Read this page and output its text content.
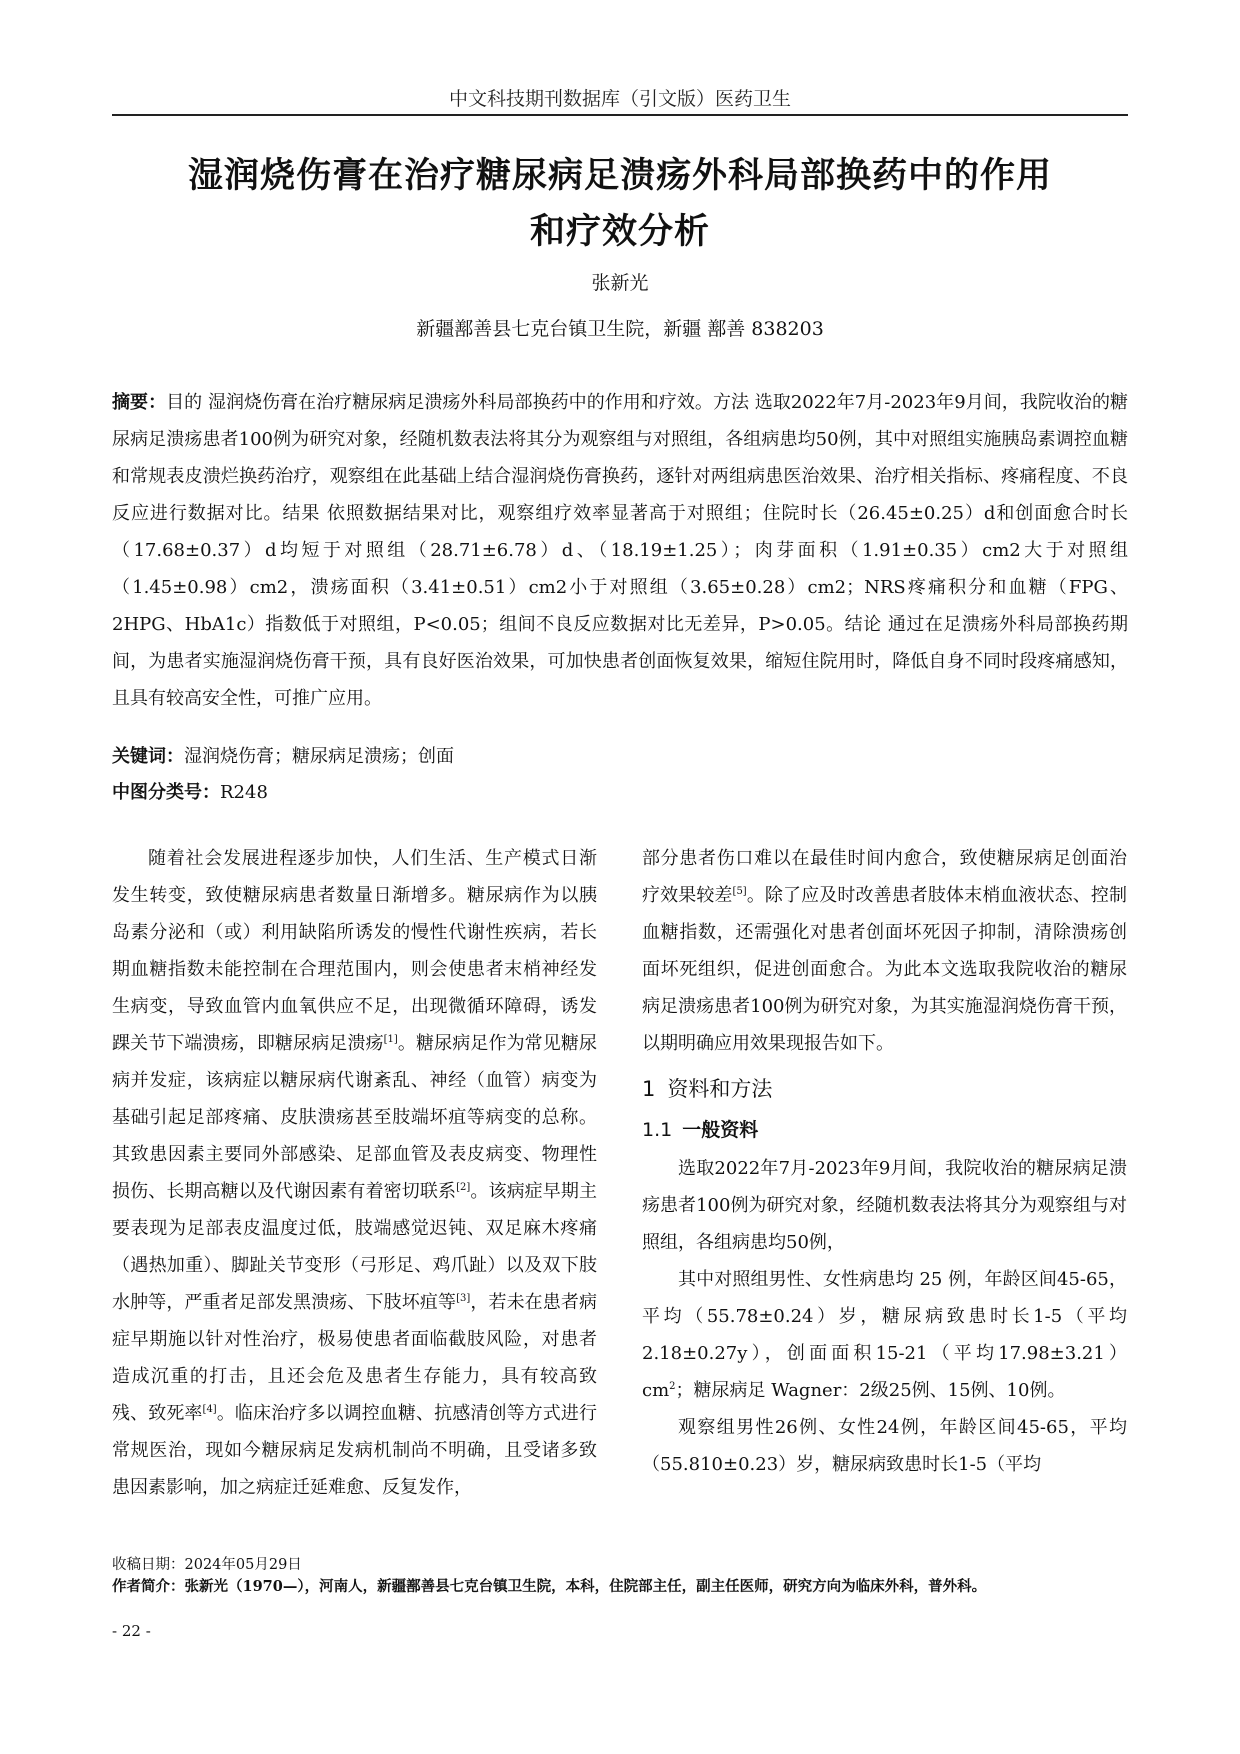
中文科技期刊数据库（引文版）医药卫生
湿润烧伤膏在治疗糖尿病足溃疡外科局部换药中的作用
和疗效分析
张新光
新疆鄯善县七克台镇卫生院，新疆 鄯善 838203
摘要：目的 湿润烧伤膏在治疗糖尿病足溃疡外科局部换药中的作用和疗效。方法 选取2022年7月-2023年9月间，我院收治的糖尿病足溃疡患者100例为研究对象，经随机数表法将其分为观察组与对照组，各组病患均50例，其中对照组实施胰岛素调控血糖和常规表皮溃烂换药治疗，观察组在此基础上结合湿润烧伤膏换药，逐针对两组病患医治效果、治疗相关指标、疼痛程度、不良反应进行数据对比。结果 依照数据结果对比，观察组疗效率显著高于对照组；住院时长（26.45±0.25）d和创面愈合时长（17.68±0.37）d均短于对照组（28.71±6.78）d、（18.19±1.25）；肉芽面积（1.91±0.35）cm2大于对照组（1.45±0.98）cm2，溃疡面积（3.41±0.51）cm2小于对照组（3.65±0.28）cm2；NRS疼痛积分和血糖（FPG、2HPG、HbA1c）指数低于对照组，P<0.05；组间不良反应数据对比无差异，P>0.05。结论 通过在足溃疡外科局部换药期间，为患者实施湿润烧伤膏干预，具有良好医治效果，可加快患者创面恢复效果，缩短住院用时，降低自身不同时段疼痛感知，且具有较高安全性，可推广应用。
关键词：湿润烧伤膏；糖尿病足溃疡；创面
中图分类号：R248

随着社会发展进程逐步加快，人们生活、生产模式日渐发生转变，致使糖尿病患者数量日渐增多。糖尿病作为以胰岛素分泌和（或）利用缺陷所诱发的慢性代谢性疾病，若长期血糖指数未能控制在合理范围内，则会使患者末梢神经发生病变，导致血管内血氧供应不足，出现微循环障碍，诱发踝关节下端溃疡，即糖尿病足溃疡[1]。糖尿病足作为常见糖尿病并发症，该病症以糖尿病代谢紊乱、神经（血管）病变为基础引起足部疼痛、皮肤溃疡甚至肢端坏疽等病变的总称。其致患因素主要同外部感染、足部血管及表皮病变、物理性损伤、长期高糖以及代谢因素有着密切联系[2]。该病症早期主要表现为足部表皮温度过低，肢端感觉迟钝、双足麻木疼痛（遇热加重）、脚趾关节变形（弓形足、鸡爪趾）以及双下肢水肿等，严重者足部发黑溃疡、下肢坏疽等[3]，若未在患者病症早期施以针对性治疗，极易使患者面临截肢风险，对患者造成沉重的打击，且还会危及患者生存能力，具有较高致残、致死率[4]。临床治疗多以调控血糖、抗感清创等方式进行常规医治，现如今糖尿病足发病机制尚不明确，且受诸多致患因素影响，加之病症迁延难愈、反复发作，

部分患者伤口难以在最佳时间内愈合，致使糖尿病足创面治疗效果较差[5]。除了应及时改善患者肢体末梢血液状态、控制血糖指数，还需强化对患者创面坏死因子抑制，清除溃疡创面坏死组织，促进创面愈合。为此本文选取我院收治的糖尿病足溃疡患者100例为研究对象，为其实施湿润烧伤膏干预，以期明确应用效果现报告如下。

1 资料和方法
1.1 一般资料

选取2022年7月-2023年9月间，我院收治的糖尿病足溃疡患者100例为研究对象，经随机数表法将其分为观察组与对照组，各组病患均50例，

其中对照组男性、女性病患均 25 例，年龄区间45-65，平均（55.78±0.24）岁，糖尿病致患时长1-5（平均2.18±0.27y），创面面积15-21（平均$17.98\pm 3.21)cm^2$；糖尿病足 Wagner：2级25例、15例、10例。

观察组男性26例、女性24例，年龄区间45-65，平均（55.810±0.23）岁，糖尿病致患时长1-5（平均

收稿日期：2024年05月29日
作者简介：张新光（1970—），河南人，新疆鄯善县七克台镇卫生院，本科，住院部主任，副主任医师，研究方向为临床外科，普外科。
- 22 -
